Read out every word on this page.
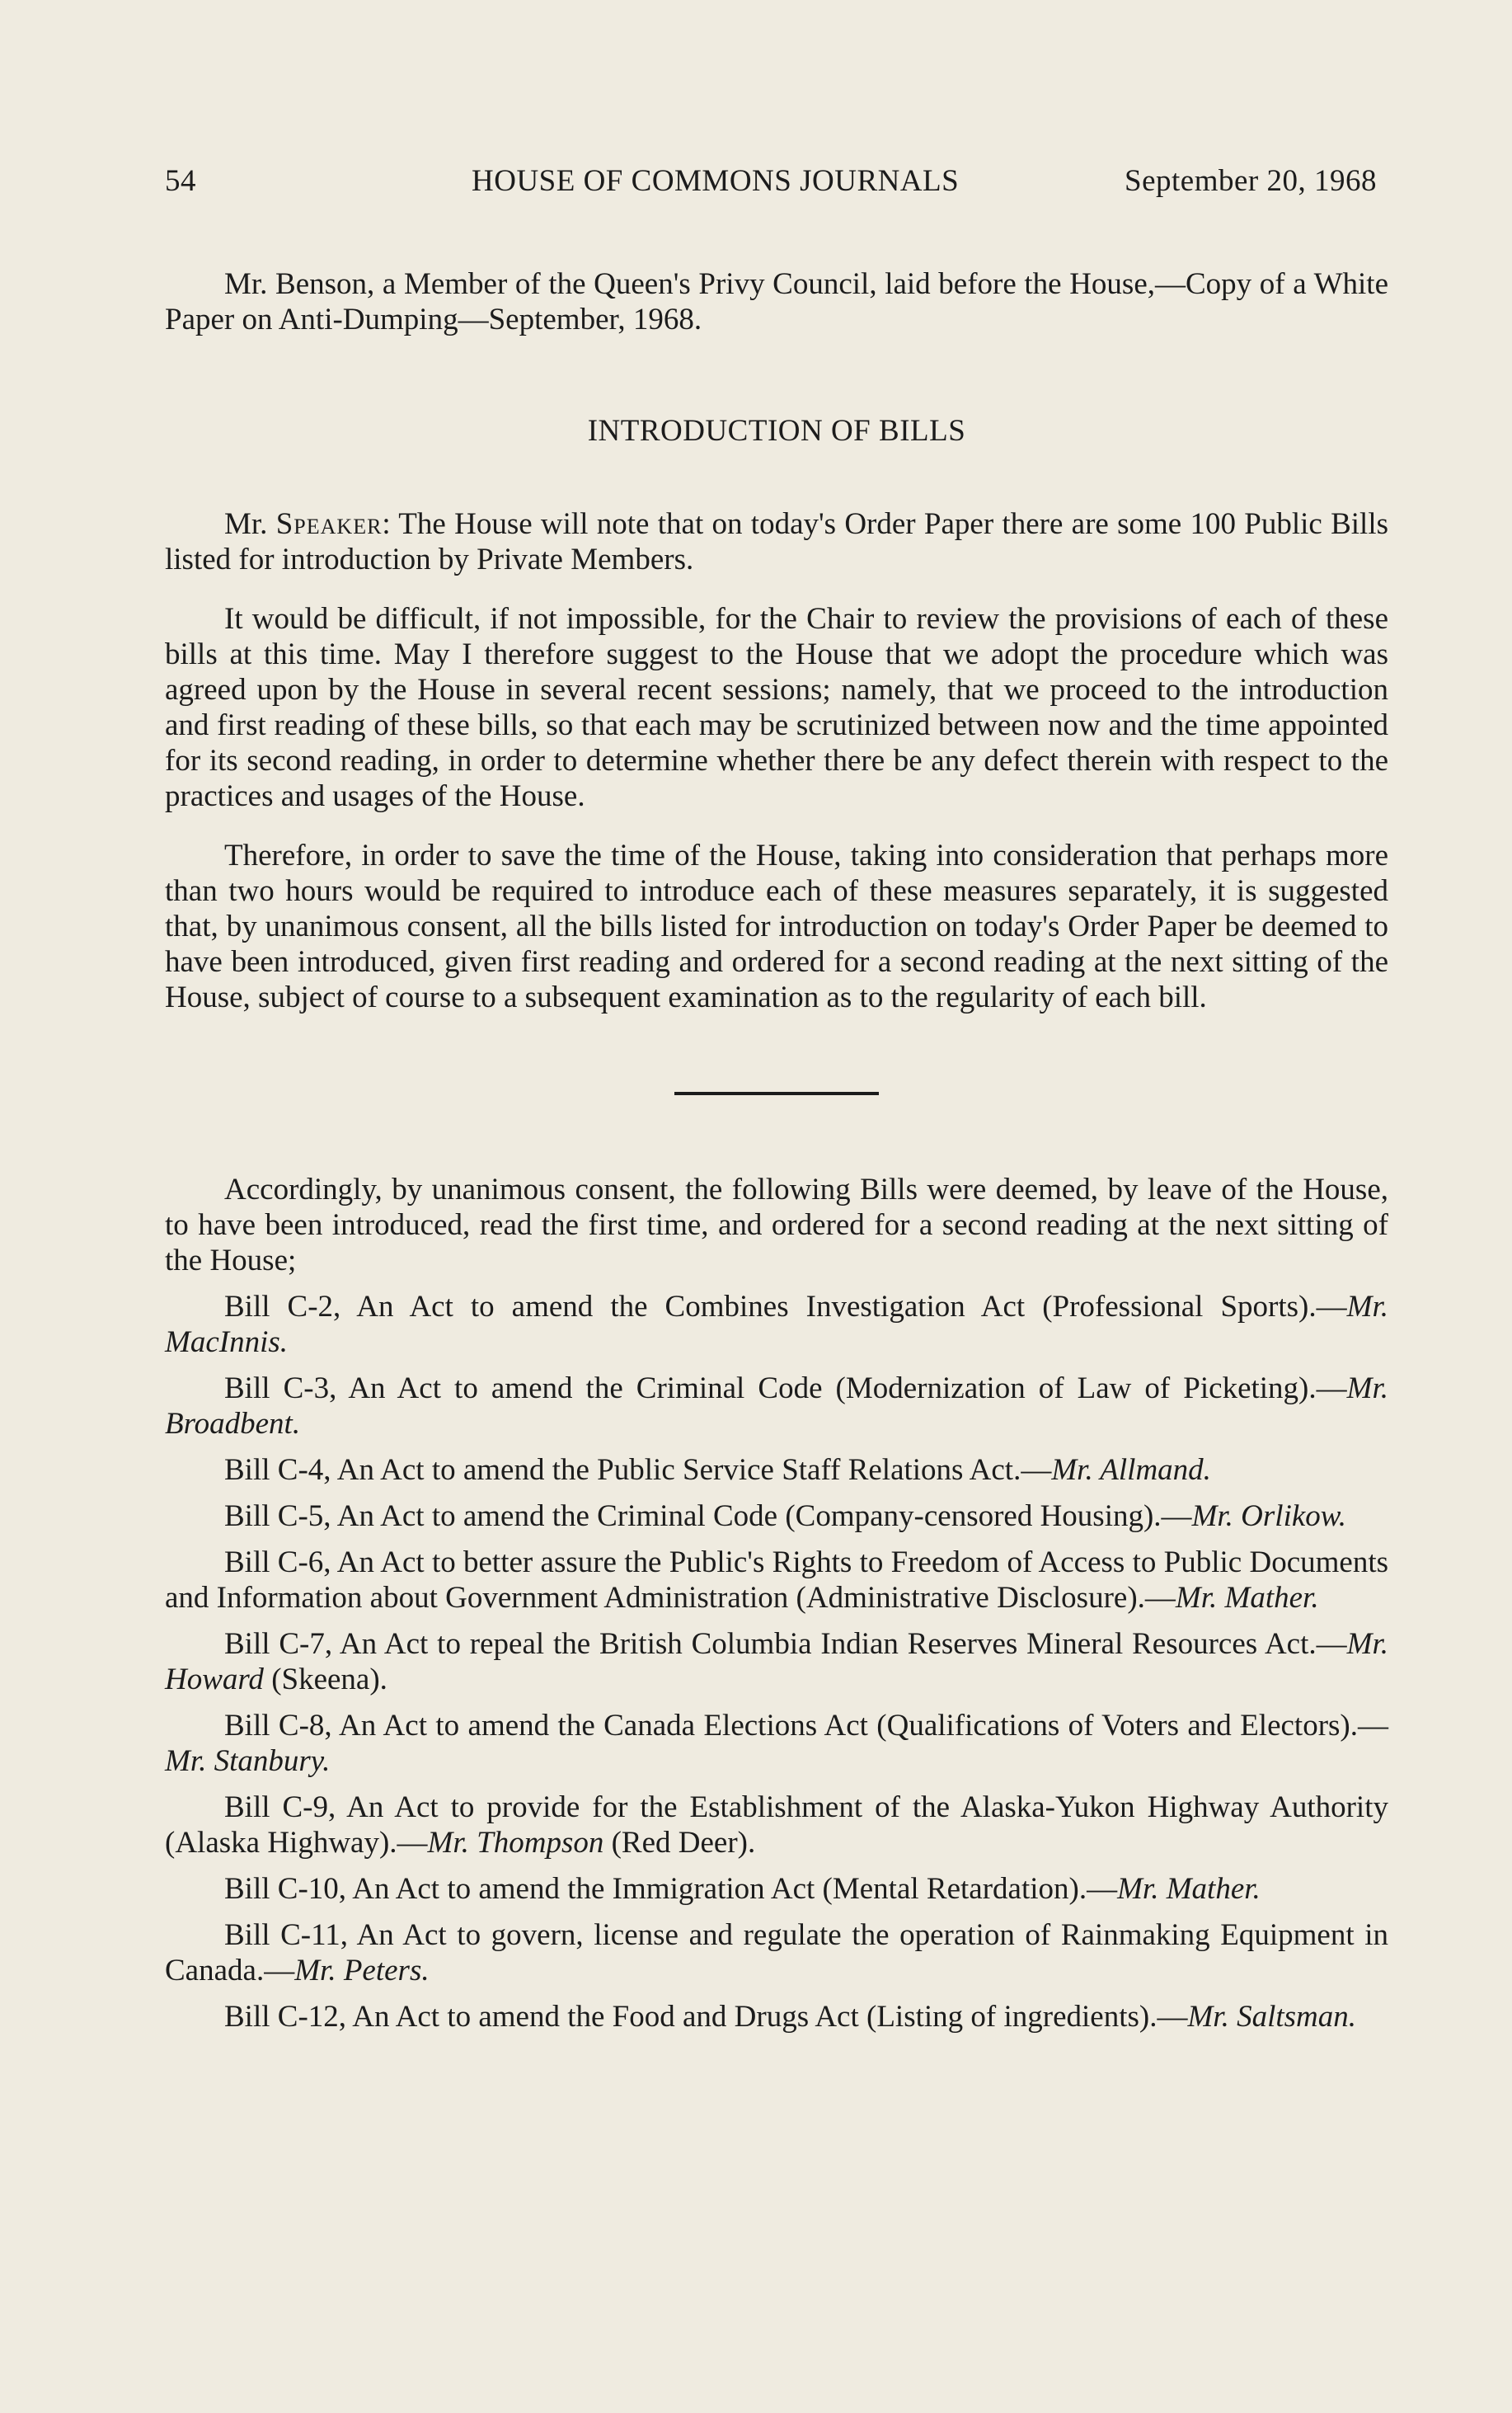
54	HOUSE OF COMMONS JOURNALS	September 20, 1968

Mr. Benson, a Member of the Queen's Privy Council, laid before the House,—Copy of a White Paper on Anti-Dumping—September, 1968.

INTRODUCTION OF BILLS

Mr. Speaker: The House will note that on today's Order Paper there are some 100 Public Bills listed for introduction by Private Members.

It would be difficult, if not impossible, for the Chair to review the provisions of each of these bills at this time. May I therefore suggest to the House that we adopt the procedure which was agreed upon by the House in several recent sessions; namely, that we proceed to the introduction and first reading of these bills, so that each may be scrutinized between now and the time appointed for its second reading, in order to determine whether there be any defect therein with respect to the practices and usages of the House.

Therefore, in order to save the time of the House, taking into consideration that perhaps more than two hours would be required to introduce each of these measures separately, it is suggested that, by unanimous consent, all the bills listed for introduction on today's Order Paper be deemed to have been introduced, given first reading and ordered for a second reading at the next sitting of the House, subject of course to a subsequent examination as to the regularity of each bill.

Accordingly, by unanimous consent, the following Bills were deemed, by leave of the House, to have been introduced, read the first time, and ordered for a second reading at the next sitting of the House;

Bill C-2, An Act to amend the Combines Investigation Act (Professional Sports).—Mr. MacInnis.

Bill C-3, An Act to amend the Criminal Code (Modernization of Law of Picketing).—Mr. Broadbent.

Bill C-4, An Act to amend the Public Service Staff Relations Act.—Mr. Allmand.

Bill C-5, An Act to amend the Criminal Code (Company-censored Housing).—Mr. Orlikow.

Bill C-6, An Act to better assure the Public's Rights to Freedom of Access to Public Documents and Information about Government Administration (Administrative Disclosure).—Mr. Mather.

Bill C-7, An Act to repeal the British Columbia Indian Reserves Mineral Resources Act.—Mr. Howard (Skeena).

Bill C-8, An Act to amend the Canada Elections Act (Qualifications of Voters and Electors).—Mr. Stanbury.

Bill C-9, An Act to provide for the Establishment of the Alaska-Yukon Highway Authority (Alaska Highway).—Mr. Thompson (Red Deer).

Bill C-10, An Act to amend the Immigration Act (Mental Retardation).—Mr. Mather.

Bill C-11, An Act to govern, license and regulate the operation of Rainmaking Equipment in Canada.—Mr. Peters.

Bill C-12, An Act to amend the Food and Drugs Act (Listing of ingredients).—Mr. Saltsman.
